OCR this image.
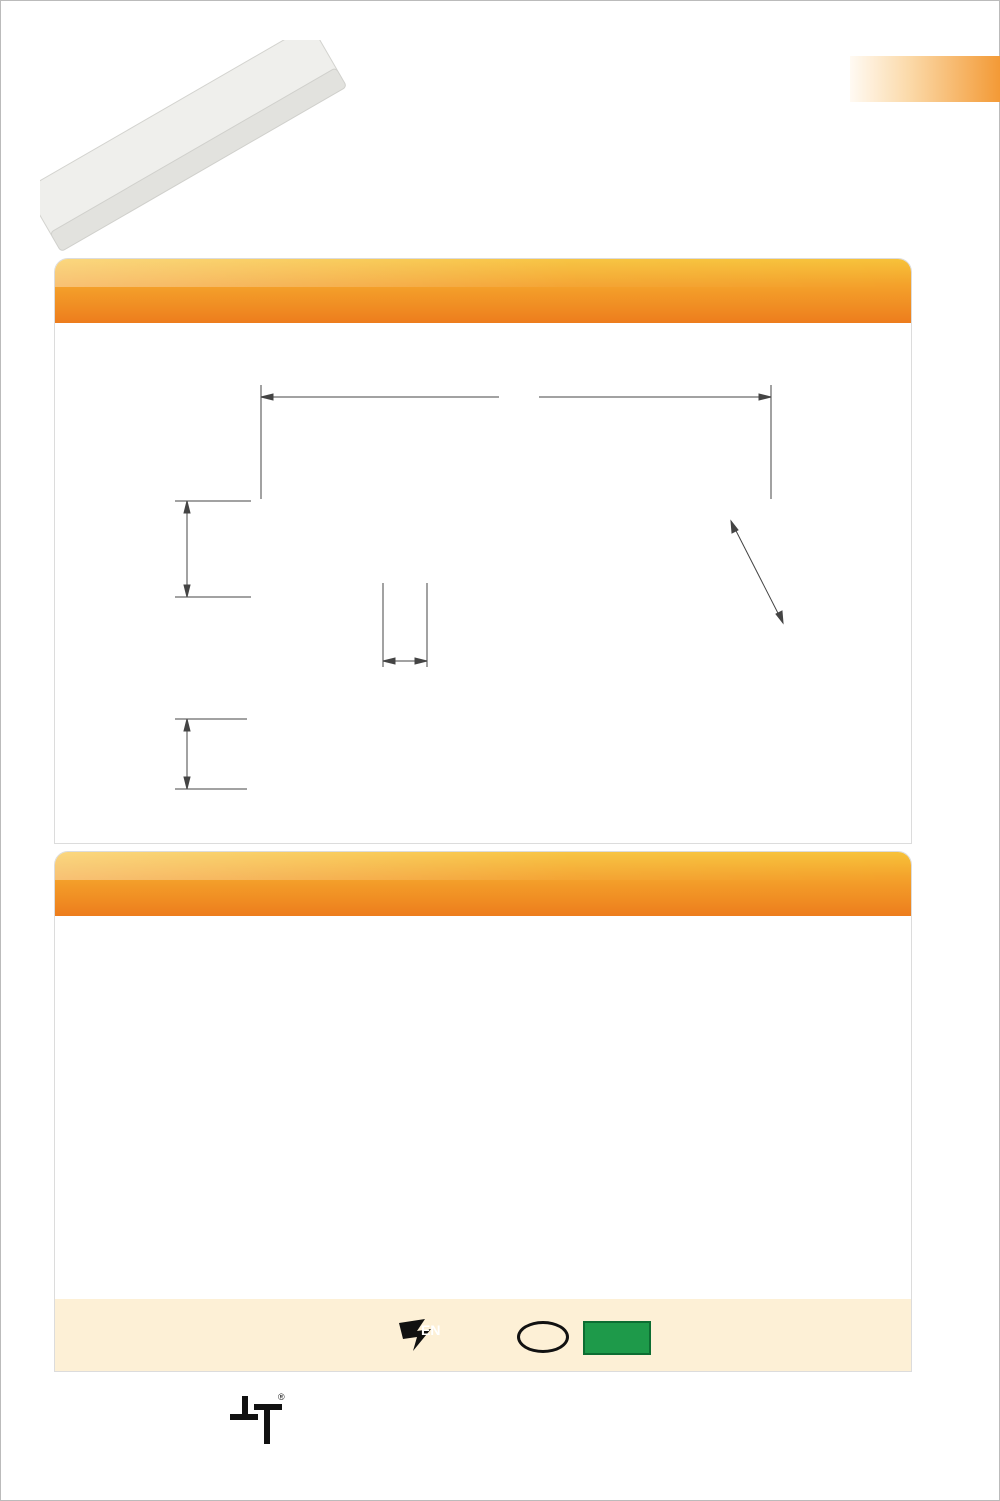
EN
®
